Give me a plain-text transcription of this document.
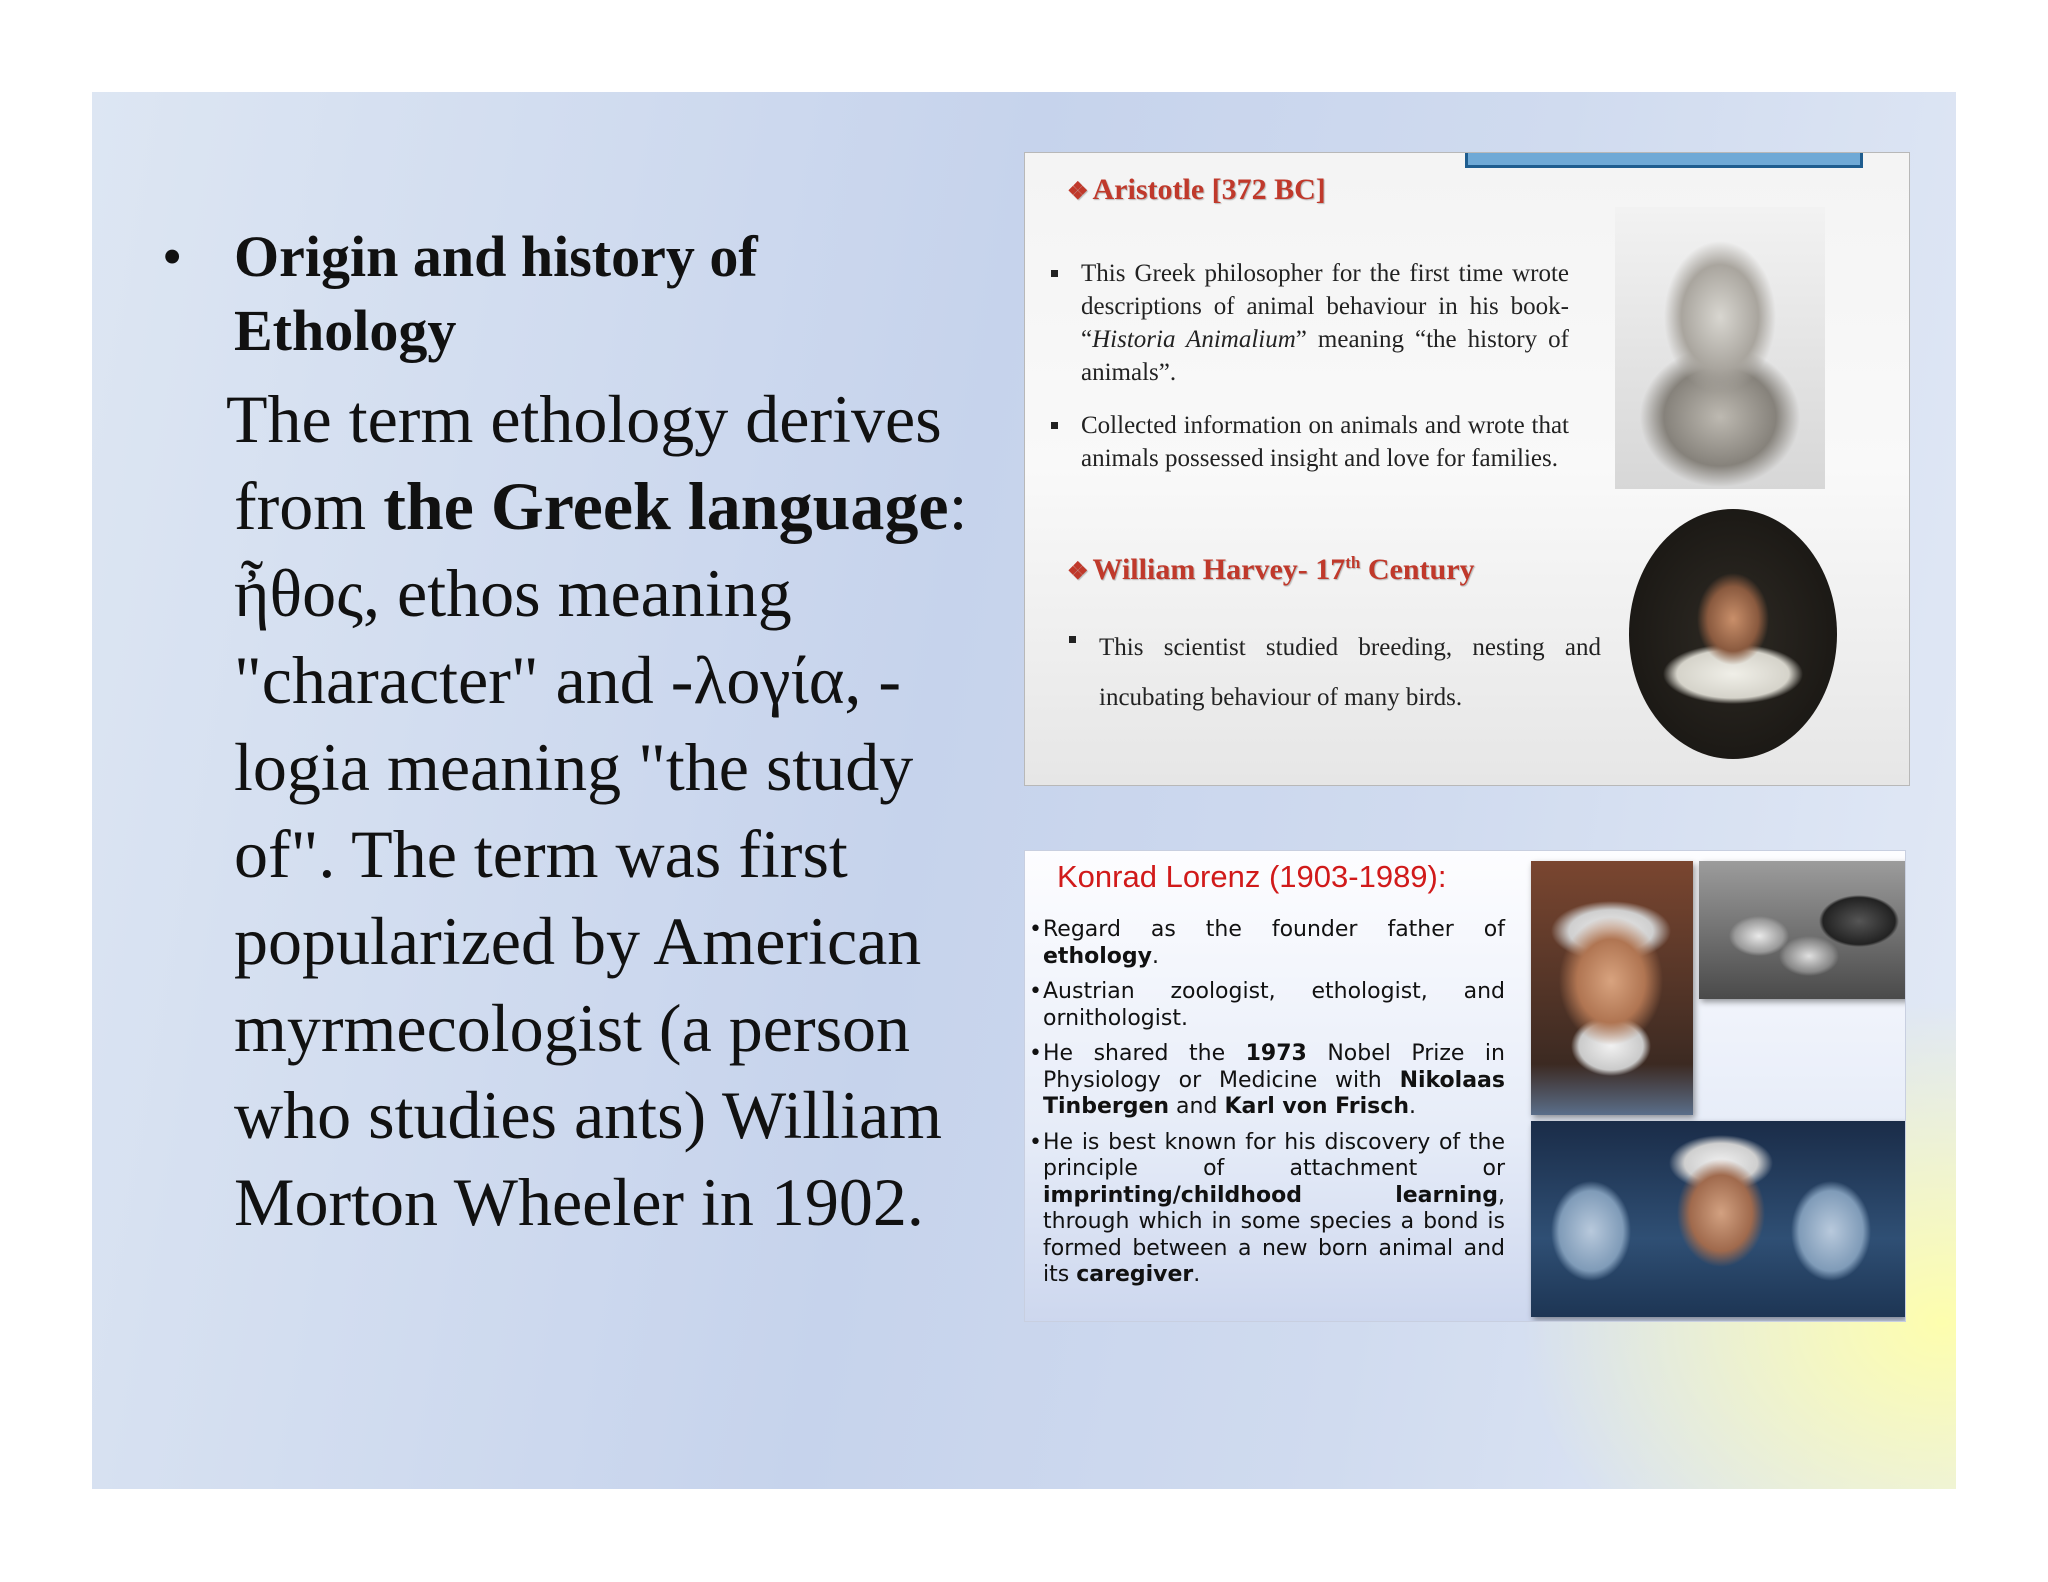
• Origin and history of Ethology
The term ethology derives from the Greek language: ἦθος, ethos meaning "character" and -λογία, -logia meaning "the study of". The term was first popularized by American myrmecologist (a person who studies ants) William Morton Wheeler in 1902.
❖ Aristotle [372 BC]
This Greek philosopher for the first time wrote descriptions of animal behaviour in his book- “Historia Animalium” meaning “the history of animals”.
Collected information on animals and wrote that animals possessed insight and love for families.
❖ William Harvey- 17th Century
This scientist studied breeding, nesting and incubating behaviour of many birds.
Konrad Lorenz (1903-1989):
• Regard as the founder father of ethology.
• Austrian zoologist, ethologist, and ornithologist.
• He shared the 1973 Nobel Prize in Physiology or Medicine with Nikolaas Tinbergen and Karl von Frisch.
• He is best known for his discovery of the principle of attachment or imprinting/childhood learning, through which in some species a bond is formed between a new born animal and its caregiver.
